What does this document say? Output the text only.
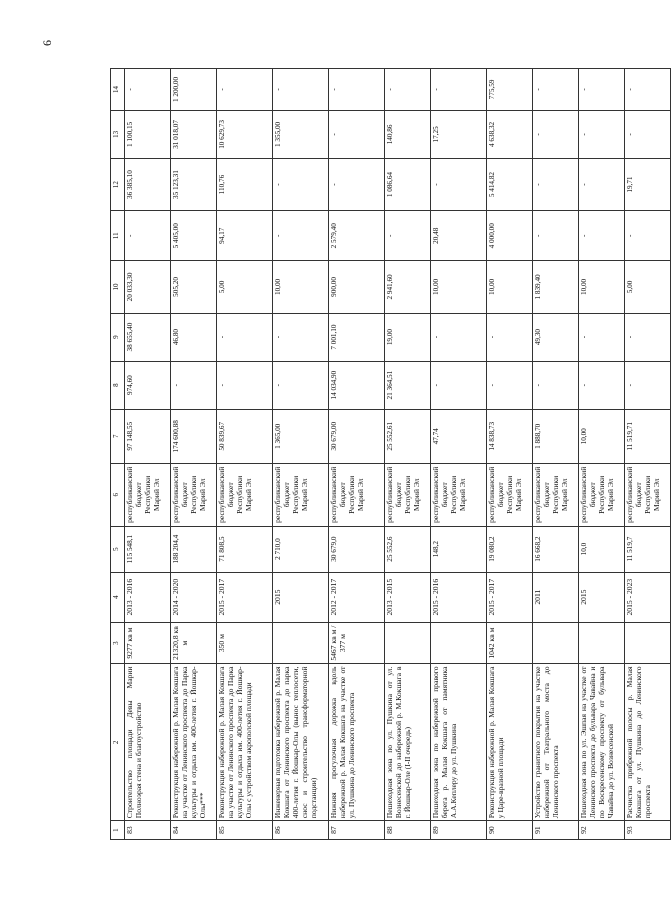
6
1	2	3	4	5	6	7	8	9	10	11	12	13	14
83	Строительство площади Девы Марии Полноэрая стена и благоустройство	9277 кв м	2013 - 2016	115 548,1	республиканский бюджет Республики Марий Эл	97 148,55	974,60	38 655,40	20 033,30	-	36 385,10	1 100,15	-
84	Реконструкция набережной р. Малая Кокшага на участке от Ленинского проспекта до Парка культуры и отдыха им. 400-летия г. Йошкар-Олы***	21320,8 кв м	2014 - 2020	188 204,4	республиканский бюджет Республики Марий Эл	174 600,88	-	46,80	505,20	5 405,00	35 123,31	31 018,07	1 200,00
85	Реконструкция набережной р. Малая Кокшага на участке от Ленинского проспекта до Парка культуры и отдыха им. 400-летия г. Йошкар-Олы с устройством акрополской площади	350 м	2015 - 2017	71 808,5	республиканский бюджет Республики Марий Эл	50 839,67	-	-	5,00	94,17	110,76	10 629,73	-
86	Инженерная подготовка набережной р. Малая Кокшага от Ленинского проспекта до парка 400-летия г. Йошкар-Олы (вынос теплосети, снос и строительство трансформаторной подстанции)		2015	2 710,0	республиканский бюджет Республики Марий Эл	1 365,00	-	-	10,00	-	-	1 355,00	-
87	Нижняя прогулочная дорожка вдоль набережной р. Малая Кокшага на участке от ул. Пушкина до Ленинского проспекта	5467 кв м / 377 м	2012 - 2017	30 679,0	республиканский бюджет Республики Марий Эл	30 679,00	14 034,90	7 001,10	900,00	2 579,40	-	-	-
88	Пешеходная зона по ул. Пушкина от ул. Вознесенской до набережной р. М.Кокшага в г. Йошкар-Оле (I-II очередь)		2013 - 2015	25 552,6	республиканский бюджет Республики Марий Эл	25 552,61	21 364,51	19,00	2 941,60	-	1 086,64	140,86	-
89	Пешеходная зона по набережной правого берега р. Малая Кокшага от памятника А.А.Кеплеру до ул. Пушкина		2015 - 2016	148,2	республиканский бюджет Республики Марий Эл	47,74	-	-	10,00	20,48	-	17,25	-
90	Реконструкция набережной р. Малая Кокшага у Царе-вразной площади	1042 кв м	2015 - 2017	19 080,2	республиканский бюджет Республики Марий Эл	14 838,73	-	-	10,00	4 000,00	5 414,82	4 638,32	775,59
91	Устройство гранитного покрытия на участке набережной от Театрального моста до Ленинского проспекта		2011	16 668,2	республиканский бюджет Республики Марий Эл	1 888,70	-	49,30	1 839,40	-	-	-	-
92	Пешеходная зона по ул. Эшпая на участке от Ленинского проспекта до бульвара Чавайна и по Воскресенскому проспекту от бульвара Чавайна до ул. Вознесенской		2015	10,0	республиканский бюджет Республики Марий Эл	10,00	-	-	10,00	-	-	-	-
93	Расчистка прибрежной полосы р. Малая Кокшага от ул. Пушкина до Ленинского проспекта		2015 - 2023	11 519,7	республиканский бюджет Республики Марий Эл	11 519,71	-	-	5,00	-	19,71	-	-
